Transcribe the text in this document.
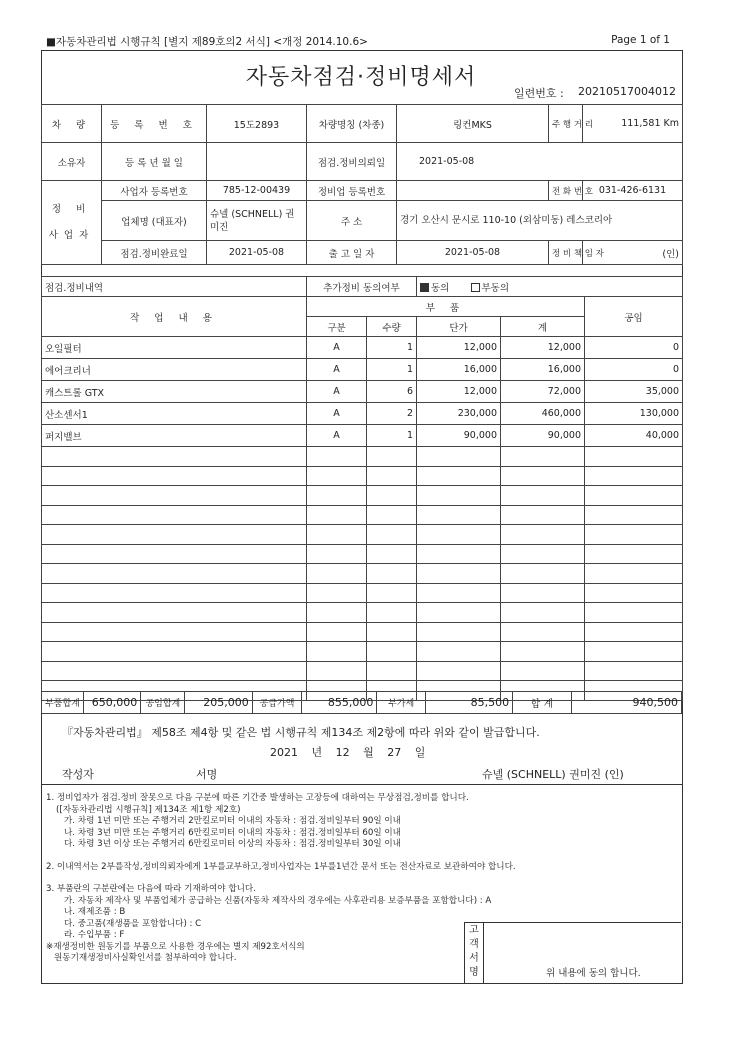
■자동차관리법 시행규칙 [별지 제89호의2 서식] <개정 2014.10.6>	Page 1 of 1
자동차점검·정비명세서
일련번호 : 20210517004012
차 량	등 록 번 호	15도2893	차량명칭 (차종)	링컨MKS	주 행 거 리	111,581 Km
소유자	등 록 년 월 일		점검.정비의뢰일	2021-05-08		
정 비

사업자	사업자 등록번호	785-12-00439	정비업 등록번호		전 화 번 호	031-426-6131
	업체명 (대표자)	슈넬 (SCHNELL) 권미진	주 소	경기 오산시 문시로 110-10 (외삼미동) 레스코리아		
	점검.정비완료일	2021-05-08	출 고 일 자	2021-05-08	정 비 책 임 자	(인)
점검.정비내역	추가정비 동의여부		동의 부동의		
작 업 내 용	부 품				공임
	구분	수량	단가	계	
오일필터	A	1	12,000	12,000	0
에어크리너	A	1	16,000	16,000	0
캐스트롤 GTX	A	6	12,000	72,000	35,000
산소센서1	A	2	230,000	460,000	130,000
퍼지밸브	A	1	90,000	90,000	40,000

부품합계	650,000	공임합계	205,000	공급가액	855,000	부가세	85,500	합 계	940,500
『자동차관리법』 제58조 제4항 및 같은 법 시행규칙 제134조 제2항에 따라 위와 같이 발급합니다.
2021 년 12 월 27 일
작성자	서명	슈넬 (SCHNELL) 권미진 (인)
1. 정비업자가 점검.정비 잘못으로 다음 구분에 따른 기간중 발생하는 고장등에 대하여는 무상점검,정비를 합니다.
([자동차관리법 시행규칙] 제134조 제1항 제2호)
가. 차령 1년 미만 또는 주행거리 2만킬로미터 이내의 자동차 : 점검.정비일부터 90일 이내
나. 차령 3년 미만 또는 주행거리 6만킬로미터 이내의 자동차 : 점검.정비일부터 60일 이내
다. 차령 3년 이상 또는 주행거리 6만킬로미터 이상의 자동차 : 점검.정비일부터 30일 이내
2. 이내역서는 2부를작성,정비의뢰자에게 1부를교부하고,정비사업자는 1부를1년간 문서 또는 전산자료로 보관하여야 합니다.
3. 부품란의 구분란에는 다음에 따라 기재하여야 합니다.
가. 자동차 제작사 및 부품업체가 공급하는 신품(자동차 제작사의 경우에는 사후관리용 보증부품을 포함합니다) : A
나. 재제조품 : B
다. 중고품(재생품을 포함합니다) : C
라. 수입부품 : F
※재생정비한 원동기를 부품으로 사용한 경우에는 별지 제92호서식의
원동기재생정비사실확인서를 첨부하여야 합니다.
고객서명	위 내용에 동의 합니다.
